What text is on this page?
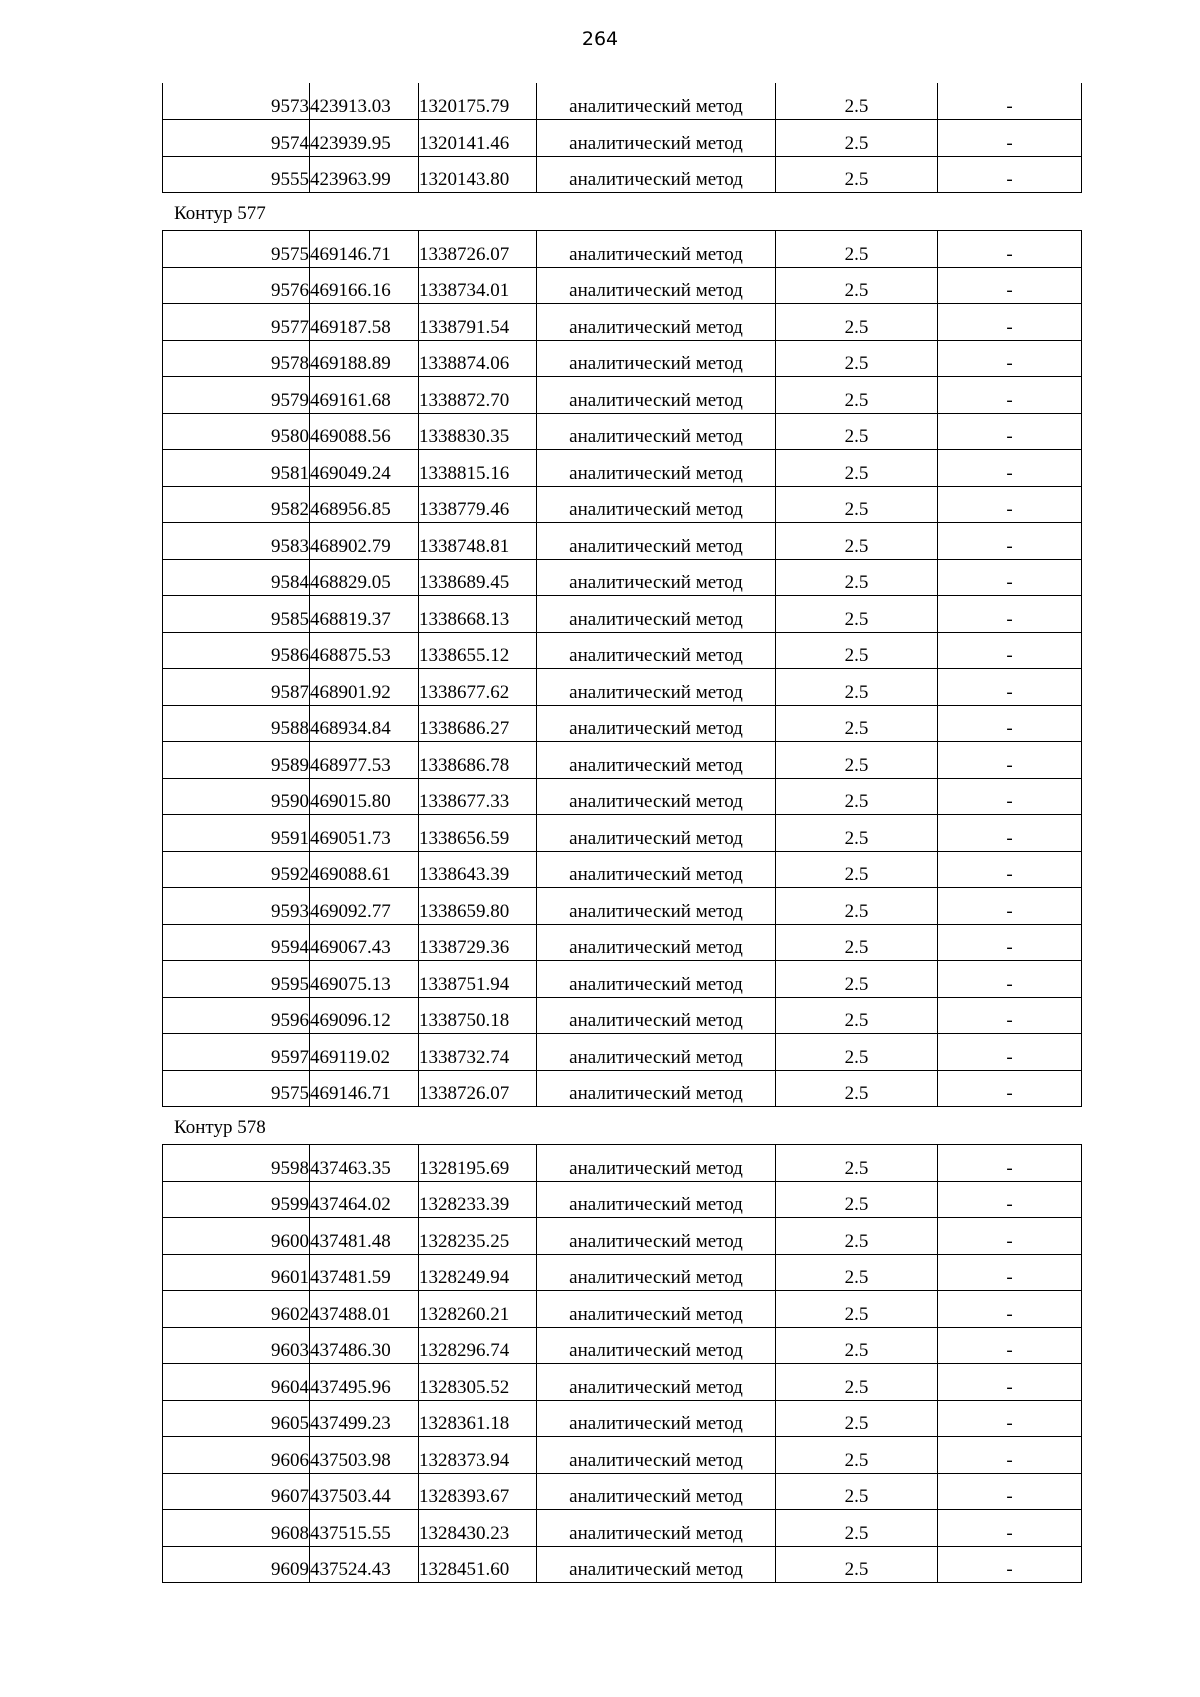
264
9573	423913.03	1320175.79	аналитический метод	2.5	-
9574	423939.95	1320141.46	аналитический метод	2.5	-
9555	423963.99	1320143.80	аналитический метод	2.5	-
Контур 577
9575	469146.71	1338726.07	аналитический метод	2.5	-
9576	469166.16	1338734.01	аналитический метод	2.5	-
9577	469187.58	1338791.54	аналитический метод	2.5	-
9578	469188.89	1338874.06	аналитический метод	2.5	-
9579	469161.68	1338872.70	аналитический метод	2.5	-
9580	469088.56	1338830.35	аналитический метод	2.5	-
9581	469049.24	1338815.16	аналитический метод	2.5	-
9582	468956.85	1338779.46	аналитический метод	2.5	-
9583	468902.79	1338748.81	аналитический метод	2.5	-
9584	468829.05	1338689.45	аналитический метод	2.5	-
9585	468819.37	1338668.13	аналитический метод	2.5	-
9586	468875.53	1338655.12	аналитический метод	2.5	-
9587	468901.92	1338677.62	аналитический метод	2.5	-
9588	468934.84	1338686.27	аналитический метод	2.5	-
9589	468977.53	1338686.78	аналитический метод	2.5	-
9590	469015.80	1338677.33	аналитический метод	2.5	-
9591	469051.73	1338656.59	аналитический метод	2.5	-
9592	469088.61	1338643.39	аналитический метод	2.5	-
9593	469092.77	1338659.80	аналитический метод	2.5	-
9594	469067.43	1338729.36	аналитический метод	2.5	-
9595	469075.13	1338751.94	аналитический метод	2.5	-
9596	469096.12	1338750.18	аналитический метод	2.5	-
9597	469119.02	1338732.74	аналитический метод	2.5	-
9575	469146.71	1338726.07	аналитический метод	2.5	-
Контур 578
9598	437463.35	1328195.69	аналитический метод	2.5	-
9599	437464.02	1328233.39	аналитический метод	2.5	-
9600	437481.48	1328235.25	аналитический метод	2.5	-
9601	437481.59	1328249.94	аналитический метод	2.5	-
9602	437488.01	1328260.21	аналитический метод	2.5	-
9603	437486.30	1328296.74	аналитический метод	2.5	-
9604	437495.96	1328305.52	аналитический метод	2.5	-
9605	437499.23	1328361.18	аналитический метод	2.5	-
9606	437503.98	1328373.94	аналитический метод	2.5	-
9607	437503.44	1328393.67	аналитический метод	2.5	-
9608	437515.55	1328430.23	аналитический метод	2.5	-
9609	437524.43	1328451.60	аналитический метод	2.5	-
